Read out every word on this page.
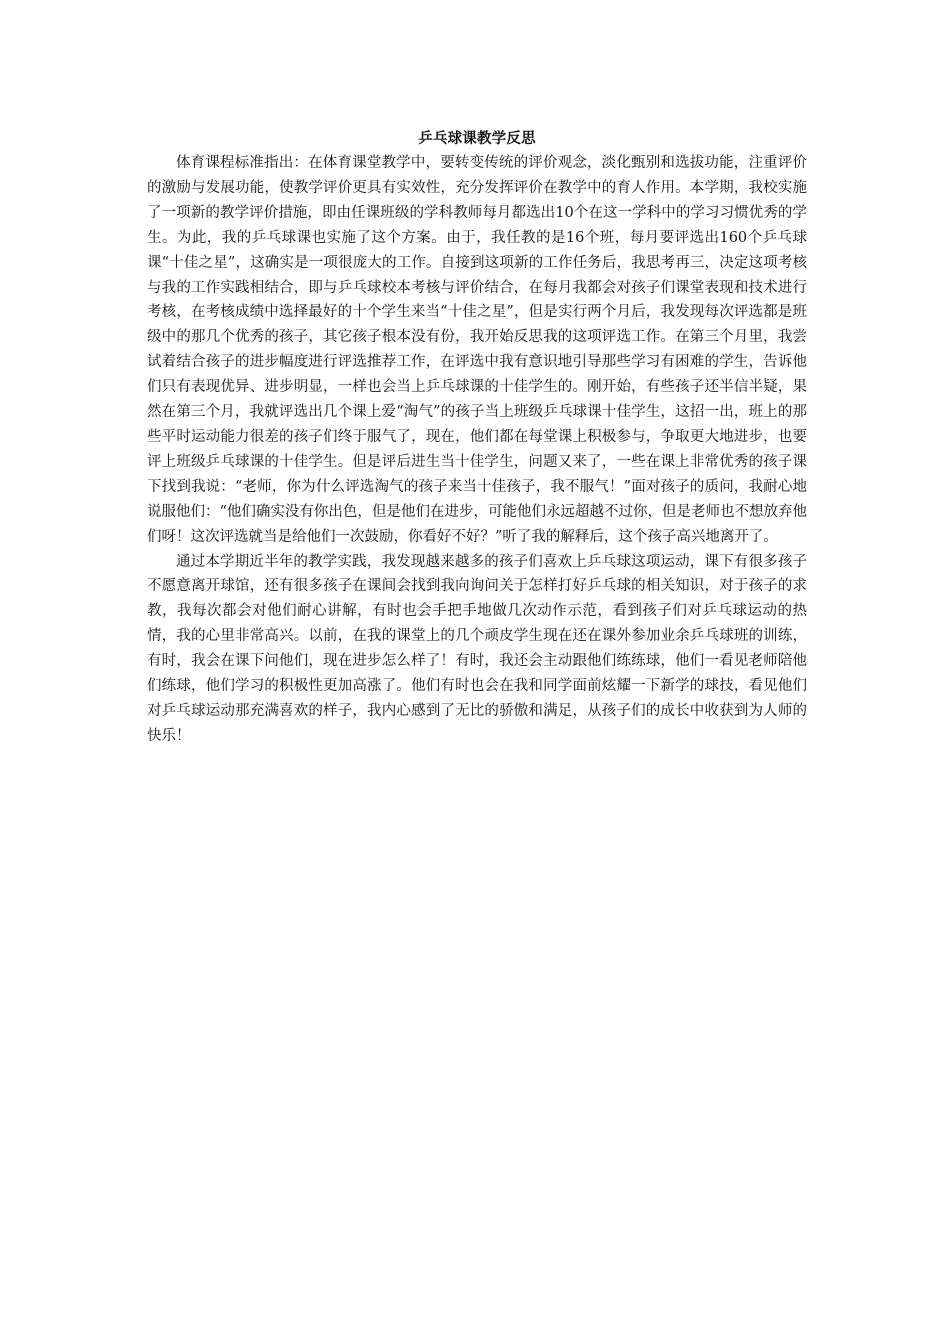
乒乓球课教学反思

体育课程标准指出：在体育课堂教学中，要转变传统的评价观念，淡化甄别和选拔功能，注重评价的激励与发展功能，使教学评价更具有实效性，充分发挥评价在教学中的育人作用。本学期，我校实施了一项新的教学评价措施，即由任课班级的学科教师每月都选出10个在这一学科中的学习习惯优秀的学生。为此，我的乒乓球课也实施了这个方案。由于，我任教的是16个班，每月要评选出160个乒乓球课“十佳之星”，这确实是一项很庞大的工作。自接到这项新的工作任务后，我思考再三，决定这项考核与我的工作实践相结合，即与乒乓球校本考核与评价结合，在每月我都会对孩子们课堂表现和技术进行考核，在考核成绩中选择最好的十个学生来当“十佳之星”，但是实行两个月后，我发现每次评选都是班级中的那几个优秀的孩子，其它孩子根本没有份，我开始反思我的这项评选工作。在第三个月里，我尝试着结合孩子的进步幅度进行评选推荐工作，在评选中我有意识地引导那些学习有困难的学生，告诉他们只有表现优异、进步明显，一样也会当上乒乓球课的十佳学生的。刚开始，有些孩子还半信半疑，果然在第三个月，我就评选出几个课上爱“淘气”的孩子当上班级乒乓球课十佳学生，这招一出，班上的那些平时运动能力很差的孩子们终于服气了，现在，他们都在每堂课上积极参与，争取更大地进步，也要评上班级乒乓球课的十佳学生。但是评后进生当十佳学生，问题又来了，一些在课上非常优秀的孩子课下找到我说：“老师，你为什么评选淘气的孩子来当十佳孩子，我不服气！”面对孩子的质问，我耐心地说服他们：“他们确实没有你出色，但是他们在进步，可能他们永远超越不过你，但是老师也不想放弃他们呀！这次评选就当是给他们一次鼓励，你看好不好？”听了我的解释后，这个孩子高兴地离开了。

通过本学期近半年的教学实践，我发现越来越多的孩子们喜欢上乒乓球这项运动，课下有很多孩子不愿意离开球馆，还有很多孩子在课间会找到我向询问关于怎样打好乒乓球的相关知识，对于孩子的求教，我每次都会对他们耐心讲解，有时也会手把手地做几次动作示范，看到孩子们对乒乓球运动的热情，我的心里非常高兴。以前，在我的课堂上的几个顽皮学生现在还在课外参加业余乒乓球班的训练，有时，我会在课下问他们，现在进步怎么样了！有时，我还会主动跟他们练练球，他们一看见老师陪他们练球，他们学习的积极性更加高涨了。他们有时也会在我和同学面前炫耀一下新学的球技，看见他们对乒乓球运动那充满喜欢的样子，我内心感到了无比的骄傲和满足，从孩子们的成长中收获到为人师的快乐！
